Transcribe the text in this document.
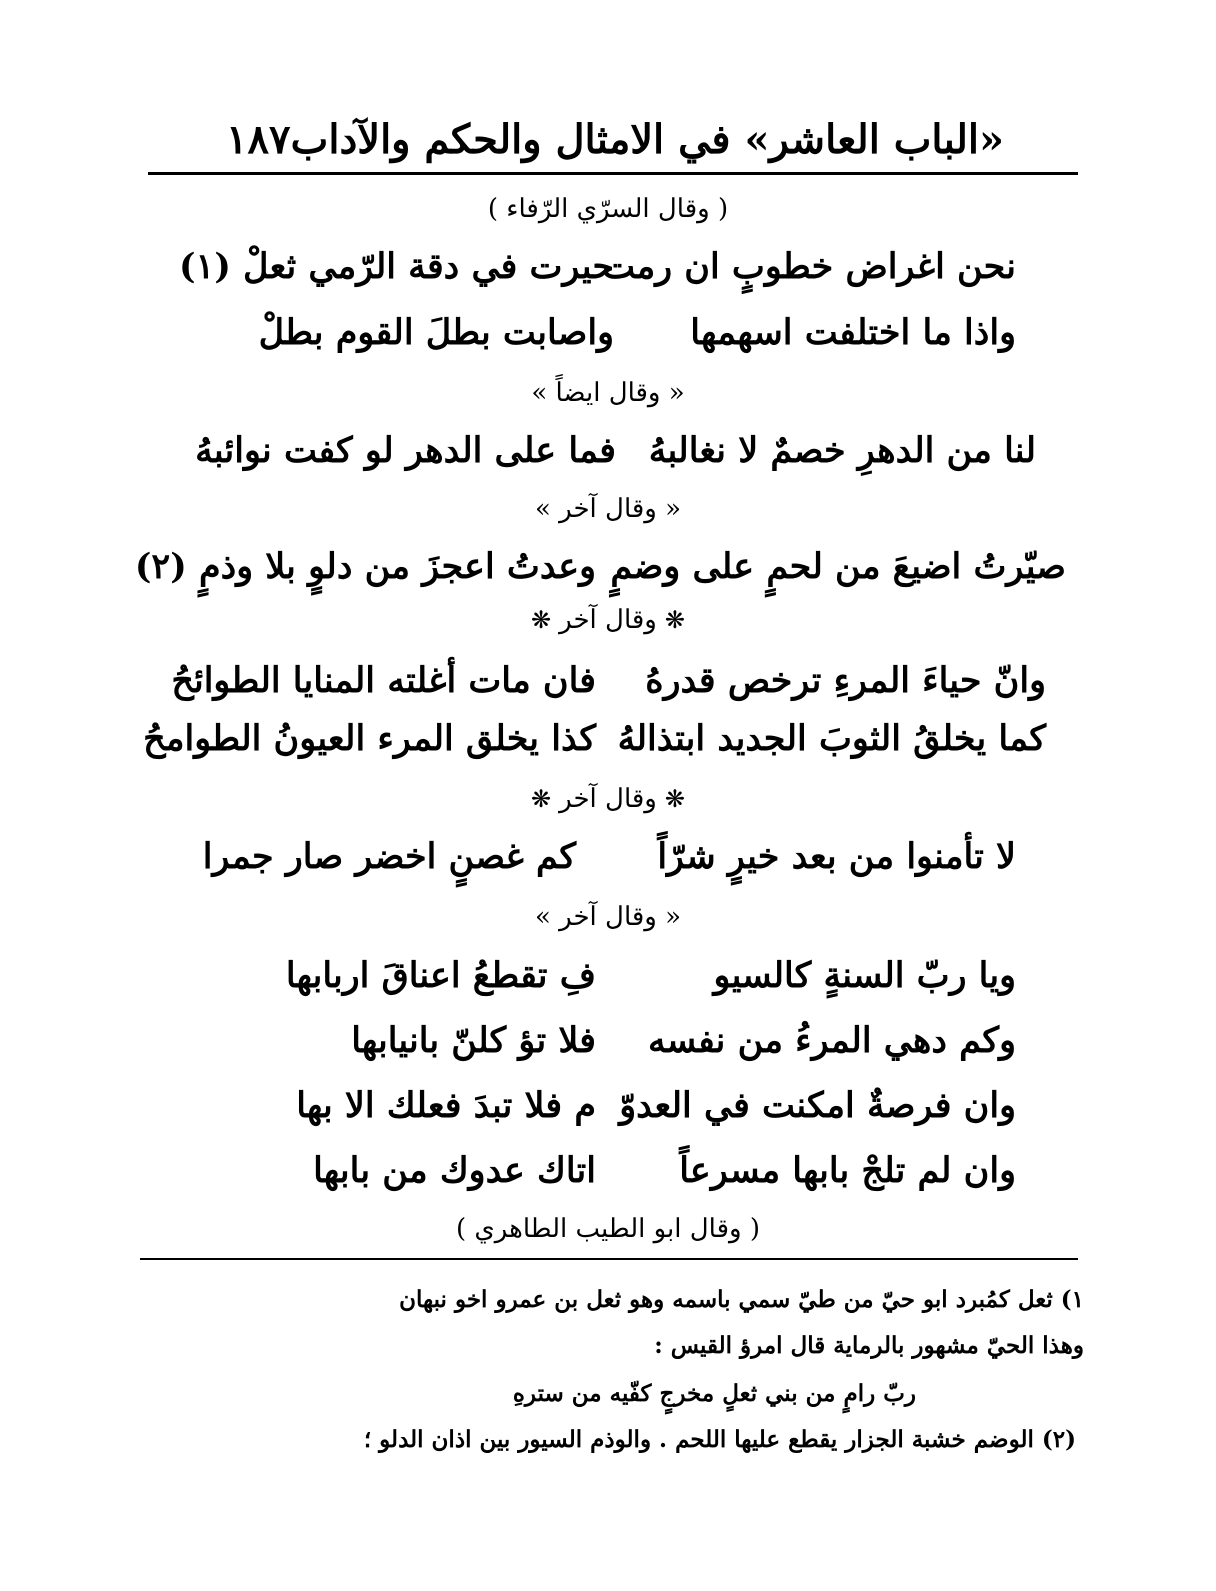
«الباب العاشر» في الامثال والحكم والآداب
١٨٧
( وقال السرّي الرّفاء )
نحن اغراض خطوبٍ ان رمت
حيرت في دقة الرّمي ثعلْ (١)
واذا ما اختلفت اسهمها
واصابت بطلَ القوم بطلْ
« وقال ايضاً »
لنا من الدهرِ خصمٌ لا نغالبهُ
فما على الدهر لو كفت نوائبهُ
« وقال آخر »
صيّرتُ اضيعَ من لحمٍ على وضمٍ
وعدتُ اعجزَ من دلوٍ بلا وذمٍ (٢)
❋ وقال آخر ❋
وانّ حياءَ المرءِ ترخص قدرهُ
فان مات أغلته المنايا الطوائحُ
كما يخلقُ الثوبَ الجديد ابتذالهُ
كذا يخلق المرء العيونُ الطوامحُ
❋ وقال آخر ❋
لا تأمنوا من بعد خيرٍ شرّاً
كم غصنٍ اخضر صار جمرا
« وقال آخر »
ويا ربّ السنةٍ كالسيو
فِ تقطعُ اعناقَ اربابها
وكم دهي المرءُ من نفسه
فلا تؤ كلنّ بانيابها
وان فرصةٌ امكنت في العدوّ
م فلا تبدَ فعلك الا بها
وان لم تلجْ بابها مسرعاً
اتاك عدوك من بابها
( وقال ابو الطيب الطاهري )
١) ثعل كمُبرد ابو حيّ من طيّ سمي باسمه وهو ثعل بن عمرو اخو نبهان
وهذا الحيّ مشهور بالرماية قال امرؤ القيس :
ربّ رامٍ من بني ثعلٍ مخرجٍ كفّيه من سترهِ
(٢) الوضم خشبة الجزار يقطع عليها اللحم . والوذم السيور بين اذان الدلو ؛
